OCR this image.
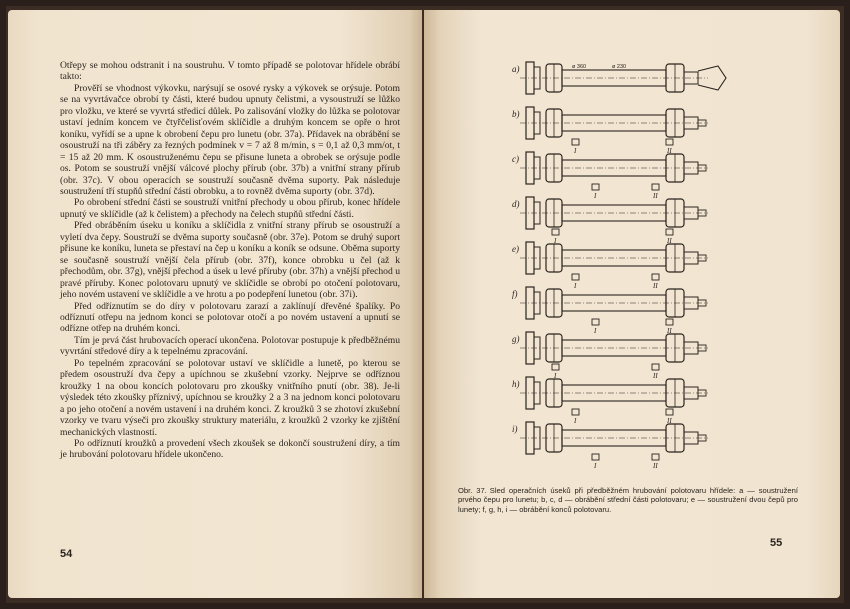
Otřepy se mohou odstranit i na soustruhu. V tomto případě se polotovar hřídele obrábí takto:

Prověří se vhodnost výkovku, narýsují se osové rysky a výkovek se orýsuje. Potom se na vyvrtávačce obrobí ty části, které budou upnuty čelistmi, a vysoustruží se lůžko pro vložku, ve které se vyvrtá středicí důlek. Po zalisování vložky do lůžka se polotovar ustaví jedním koncem ve čtyřčelisťovém sklíčidle a druhým koncem se opře o hrot koníku, vyřídí se a upne k obrobení čepu pro lunetu (obr. 37a). Přídavek na obrábění se osoustruží na tři záběry za řezných podmínek v = 7 až 8 m/min, s = 0,1 až 0,3 mm/ot, t = 15 až 20 mm. K osoustruženému čepu se přisune luneta a obrobek se orýsuje podle os. Potom se soustruží vnější válcové plochy přírub (obr. 37b) a vnitřní strany přírub (obr. 37c). V obou operacích se soustruží současně dvěma suporty. Pak následuje soustružení tří stupňů střední části obrobku, a to rovněž dvěma suporty (obr. 37d).

Po obrobení střední části se soustruží vnitřní přechody u obou přírub, konec hřídele upnutý ve sklíčidle (až k čelistem) a přechody na čelech stupňů střední části.

Před obráběním úseku u koníku a sklíčidla z vnitřní strany přírub se osoustruží a vyletí dva čepy. Soustruží se dvěma suporty současně (obr. 37e). Potom se druhý suport přisune ke koníku, luneta se přestaví na čep u koníku a koník se odsune. Oběma suporty se současně soustruží vnější čela přírub (obr. 37f), konce obrobku u čel (až k přechodům, obr. 37g), vnější přechod a úsek u levé příruby (obr. 37h) a vnější přechod u pravé příruby. Konec polotovaru upnutý ve sklíčidle se obrobí po otočení polotovaru, jeho novém ustavení ve sklíčidle a ve hrotu a po podepření lunetou (obr. 37i).

Před odříznutím se do díry v polotovaru zarazí a zaklínují dřevěné špalíky. Po odříznutí otřepu na jednom konci se polotovar otočí a po novém ustavení a upnutí se odřízne otřep na druhém konci.

Tím je prvá část hrubovacích operací ukončena. Polotovar postupuje k předběžnému vyvrtání středové díry a k tepelnému zpracování.

Po tepelném zpracování se polotovar ustaví ve sklíčidle a lunetě, po kterou se předem osoustruží dva čepy a upíchnou se zkušební vzorky. Nejprve se odříznou kroužky 1 na obou koncích polotovaru pro zkoušky vnitřního pnutí (obr. 38). Je-li výsledek této zkoušky příznivý, upíchnou se kroužky 2 a 3 na jednom konci polotovaru a po jeho otočení a novém ustavení i na druhém konci. Z kroužků 3 se zhotoví zkušební vzorky ve tvaru výseči pro zkoušky struktury materiálu, z kroužků 2 vzorky ke zjištění mechanických vlastností.

Po odříznutí kroužků a provedení všech zkoušek se dokončí soustružení díry, a tím je hrubování polotovaru hřídele ukončeno.

54
a)	ø 360	ø 230
b)
I	II
c)
I	II
d)
I	II
e)
I	II
f)
I	II
g)
I	II
h)
I	II
i)
I	II
Obr. 37. Sled operačních úseků při předběžném hrubování polotovaru hřídele: a — soustružení prvého čepu pro lunetu; b, c, d — obrábění střední části polotovaru; e — soustružení dvou čepů pro lunety; f, g, h, i — obrábění konců polotovaru.
55
